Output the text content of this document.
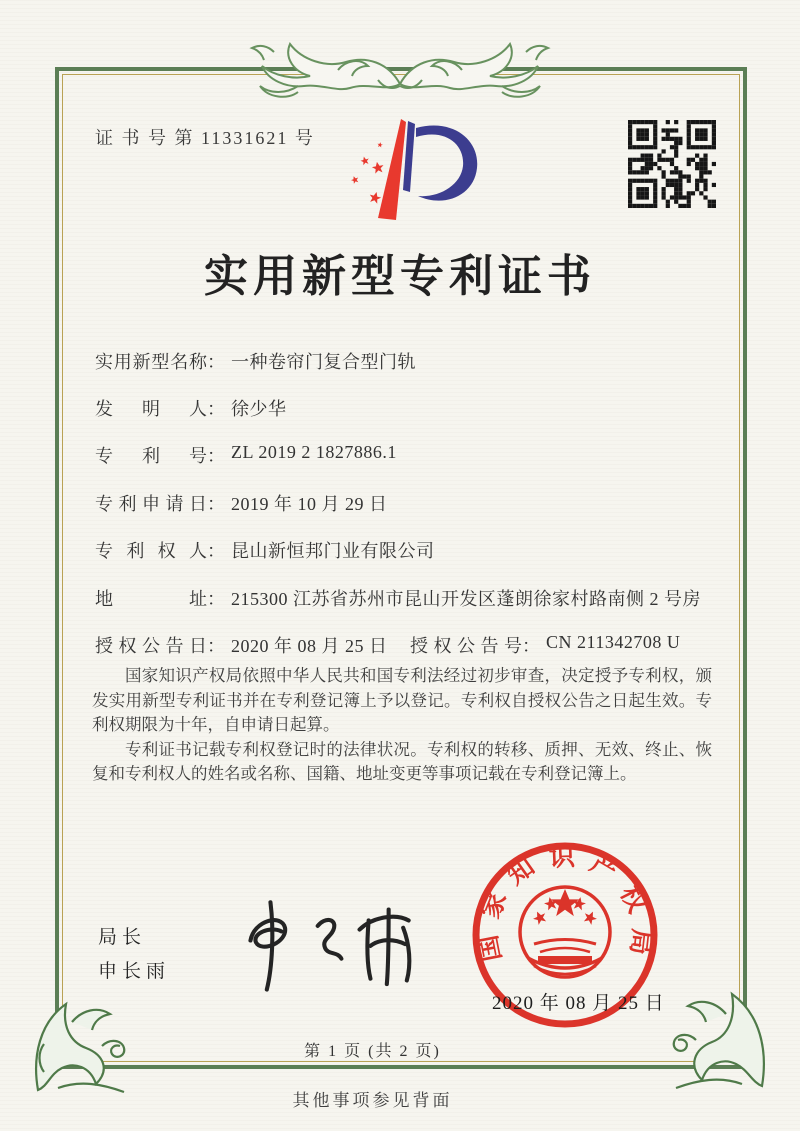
证 书 号 第 11331621 号
实用新型专利证书
实用新型名称： 一种卷帘门复合型门轨
发明人： 徐少华
专利号： ZL 2019 2 1827886.1
专利申请日： 2019 年 10 月 29 日
专利权人： 昆山新恒邦门业有限公司
地址： 215300 江苏省苏州市昆山开发区蓬朗徐家村路南侧 2 号房
授权公告日： 2020 年 08 月 25 日 授权公告号： CN 211342708 U

国家知识产权局依照中华人民共和国专利法经过初步审查，决定授予专利权，颁发实用新型专利证书并在专利登记簿上予以登记。专利权自授权公告之日起生效。专利权期限为十年，自申请日起算。

专利证书记载专利权登记时的法律状况。专利权的转移、质押、无效、终止、恢复和专利权人的姓名或名称、国籍、地址变更等事项记载在专利登记簿上。

局长
申长雨
国家知识产权局
2020 年 08 月 25 日
第 1 页 (共 2 页)
其他事项参见背面
